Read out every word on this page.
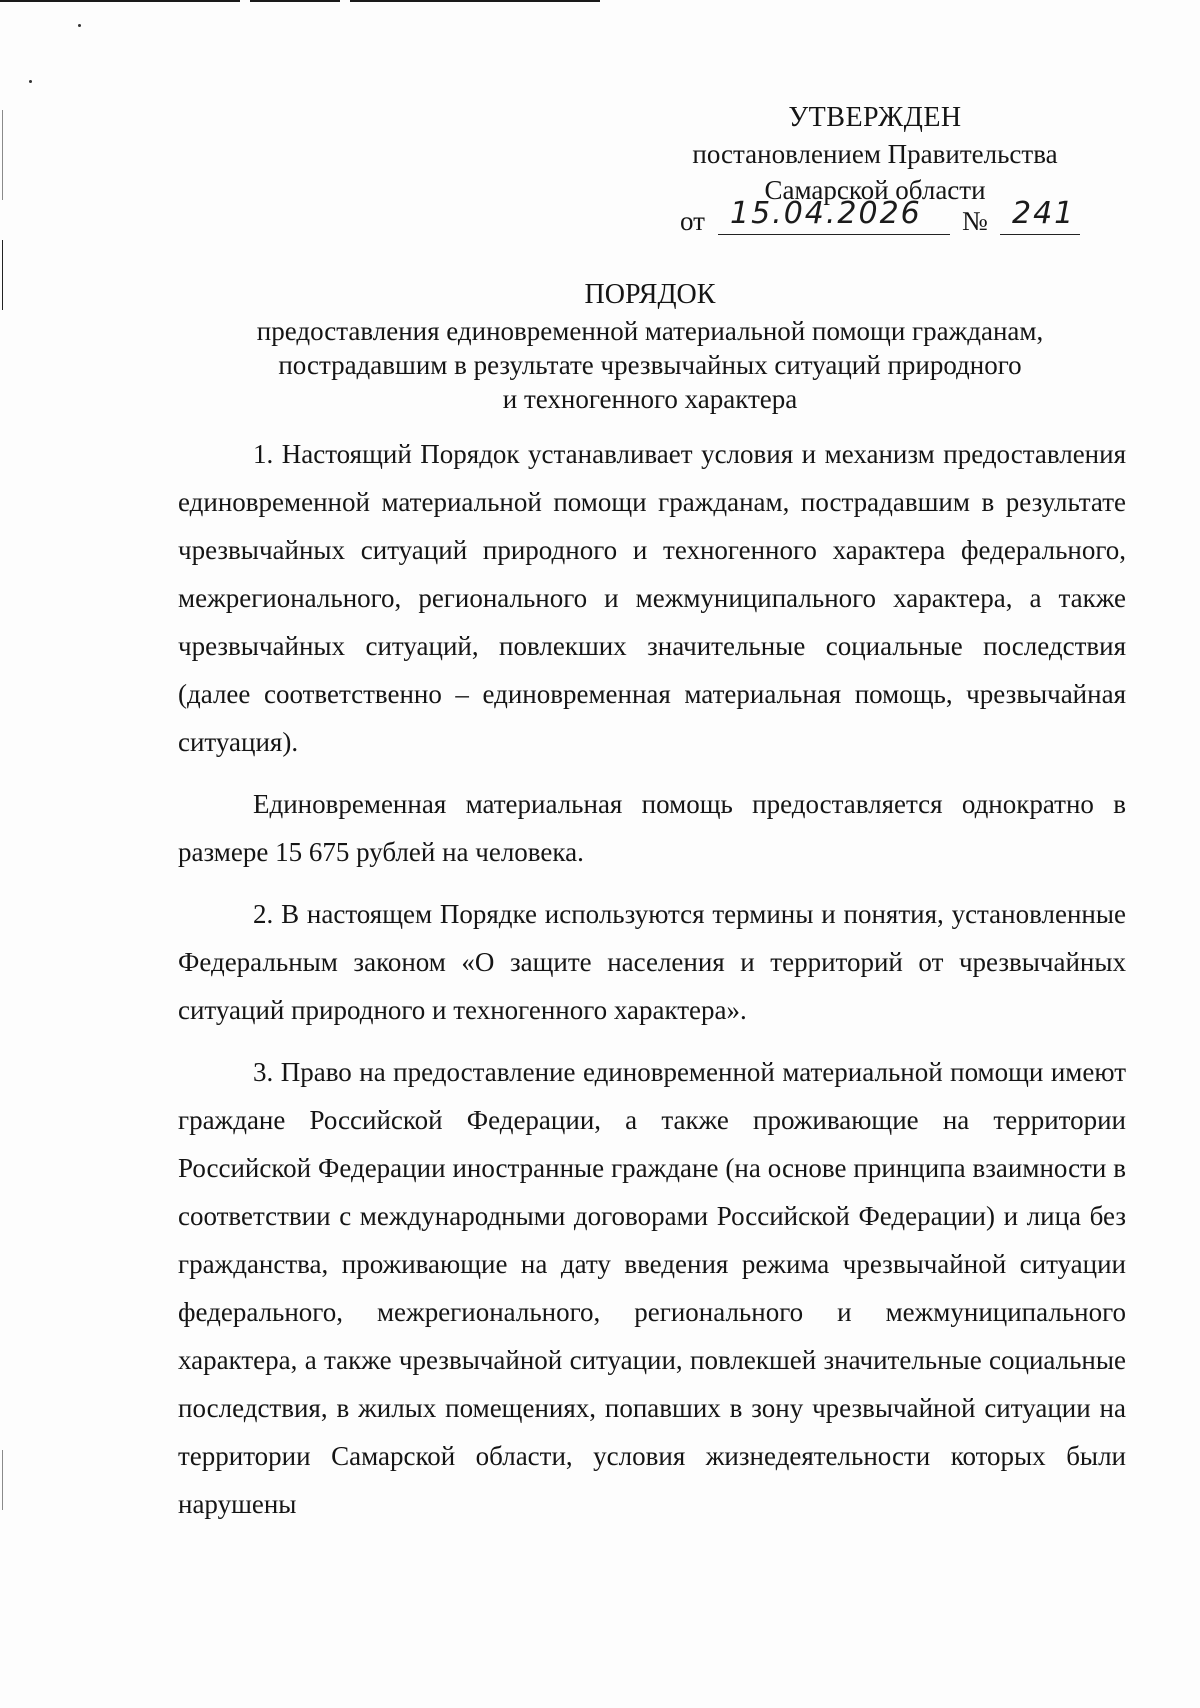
УТВЕРЖДЕН
постановлением Правительства
Самарской области
от 15.04.2026 № 241
ПОРЯДОК
предоставления единовременной материальной помощи гражданам,
пострадавшим в результате чрезвычайных ситуаций природного
и техногенного характера

1. Настоящий Порядок устанавливает условия и механизм предоставления единовременной материальной помощи гражданам, пострадавшим в результате чрезвычайных ситуаций природного и техногенного характера федерального, межрегионального, регионального и межмуниципального характера, а также чрезвычайных ситуаций, повлекших значительные социальные последствия (далее соответственно – единовременная материальная помощь, чрезвычайная ситуация).

Единовременная материальная помощь предоставляется однократно в размере 15 675 рублей на человека.

2. В настоящем Порядке используются термины и понятия, установленные Федеральным законом «О защите населения и территорий от чрезвычайных ситуаций природного и техногенного характера».

3. Право на предоставление единовременной материальной помощи имеют граждане Российской Федерации, а также проживающие на территории Российской Федерации иностранные граждане (на основе принципа взаимности в соответствии с международными договорами Российской Федерации) и лица без гражданства, проживающие на дату введения режима чрезвычайной ситуации федерального, межрегионального, регионального и межмуниципального характера, а также чрезвычайной ситуации, повлекшей значительные социальные последствия, в жилых помещениях, попавших в зону чрезвычайной ситуации на территории Самарской области, условия жизнедеятельности которых были нарушены
